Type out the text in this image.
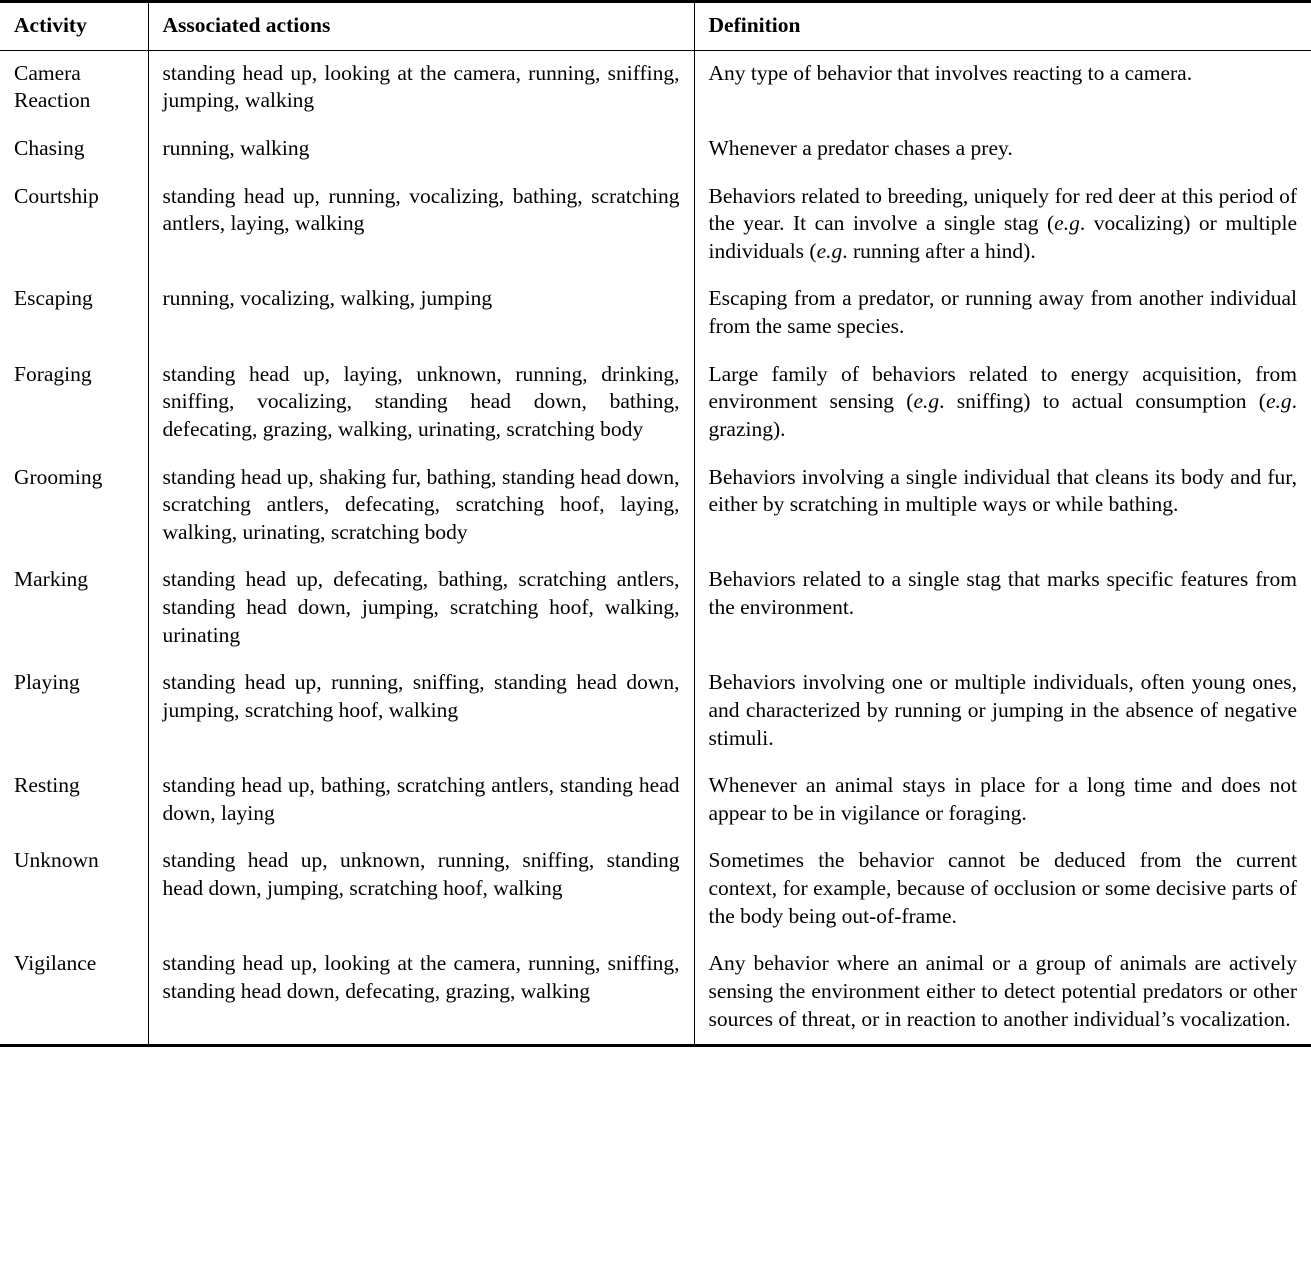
Activity	Associated actions	Definition

Camera Reaction	standing head up, looking at the camera, running, sniffing, jumping, walking	Any type of behavior that involves reacting to a camera.

Chasing	running, walking	Whenever a predator chases a prey.

Courtship	standing head up, running, vocalizing, bathing, scratching antlers, laying, walking	Behaviors related to breeding, uniquely for red deer at this period of the year. It can involve a single stag (e.g. vocalizing) or multiple individuals (e.g. running after a hind).

Escaping	running, vocalizing, walking, jumping	Escaping from a predator, or running away from another individual from the same species.

Foraging	standing head up, laying, unknown, running, drinking, sniffing, vocalizing, standing head down, bathing, defecating, grazing, walking, urinating, scratching body	Large family of behaviors related to energy acquisition, from environment sensing (e.g. sniffing) to actual consumption (e.g. grazing).

Grooming	standing head up, shaking fur, bathing, standing head down, scratching antlers, defecating, scratching hoof, laying, walking, urinating, scratching body	Behaviors involving a single individual that cleans its body and fur, either by scratching in multiple ways or while bathing.

Marking	standing head up, defecating, bathing, scratching antlers, standing head down, jumping, scratching hoof, walking, urinating	Behaviors related to a single stag that marks specific features from the environment.

Playing	standing head up, running, sniffing, standing head down, jumping, scratching hoof, walking	Behaviors involving one or multiple individuals, often young ones, and characterized by running or jumping in the absence of negative stimuli.

Resting	standing head up, bathing, scratching antlers, standing head down, laying	Whenever an animal stays in place for a long time and does not appear to be in vigilance or foraging.

Unknown	standing head up, unknown, running, sniffing, standing head down, jumping, scratching hoof, walking	Sometimes the behavior cannot be deduced from the current context, for example, because of occlusion or some decisive parts of the body being out-of-frame.

Vigilance	standing head up, looking at the camera, running, sniffing, standing head down, defecating, grazing, walking	Any behavior where an animal or a group of animals are actively sensing the environment either to detect potential predators or other sources of threat, or in reaction to another individual’s vocalization.
